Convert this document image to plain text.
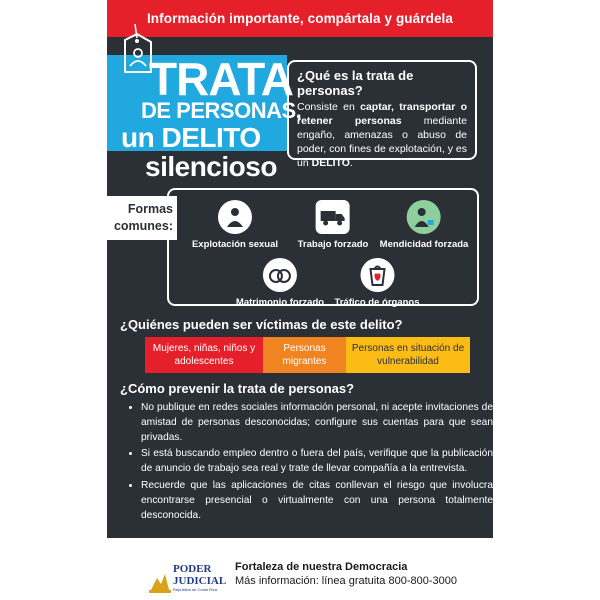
Información importante, compártala y guárdela
TRATA
DE PERSONAS,
un DELITO
silencioso
¿Qué es la trata de personas?
Consiste en captar, transportar o retener personas mediante engaño, amenazas o abuso de poder, con fines de explotación, y es un DELITO.
Explotación sexual Trabajo forzado Mendicidad forzada
Matrimonio forzado Tráfico de órganos
Formas comunes:
¿Quiénes pueden ser víctimas de este delito?
Mujeres, niñas, niños y adolescentes
Personas migrantes
Personas en situación de vulnerabilidad
¿Cómo prevenir la trata de personas?
• No publique en redes sociales información personal, ni acepte invitaciones de amistad de personas desconocidas; configure sus cuentas para que sean privadas.
• Si está buscando empleo dentro o fuera del país, verifique que la publicación de anuncio de trabajo sea real y trate de llevar compañía a la entrevista.
• Recuerde que las aplicaciones de citas conllevan el riesgo que involucra encontrarse presencial o virtualmente con una persona totalmente desconocida.
PODER
JUDICIAL
República de Costa Rica
Fortaleza de nuestra Democracia
Más información: línea gratuita 800-800-3000
